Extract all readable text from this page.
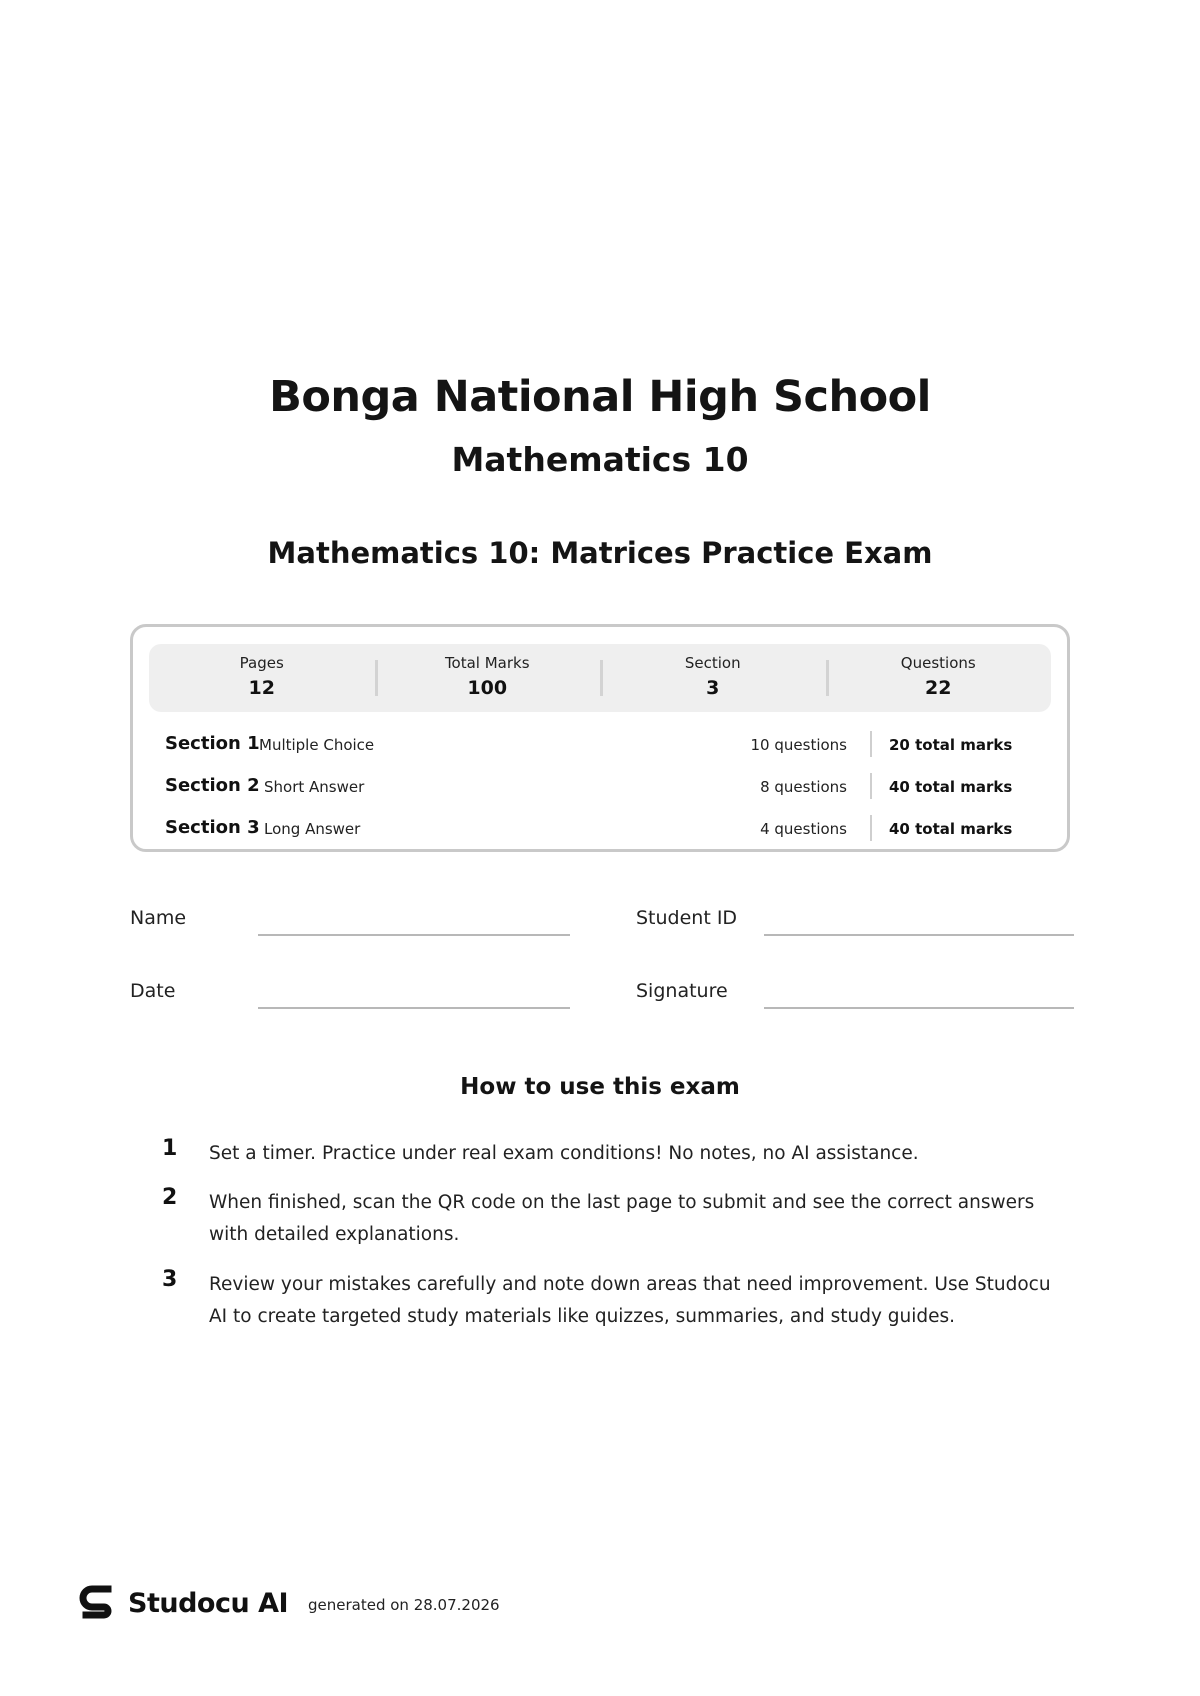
Bonga National High School
Mathematics 10
Mathematics 10: Matrices Practice Exam
Pages
12
Total Marks
100
Section
3
Questions
22
Section 1 Multiple Choice	10 questions	20 total marks
Section 2 Short Answer	8 questions	40 total marks
Section 3 Long Answer	4 questions	40 total marks
Name	Student ID
Date	Signature
How to use this exam
1 Set a timer. Practice under real exam conditions! No notes, no AI assistance.
2 When finished, scan the QR code on the last page to submit and see the correct answers with detailed explanations.
3 Review your mistakes carefully and note down areas that need improvement. Use Studocu AI to create targeted study materials like quizzes, summaries, and study guides.
Studocu AI generated on 28.07.2026
